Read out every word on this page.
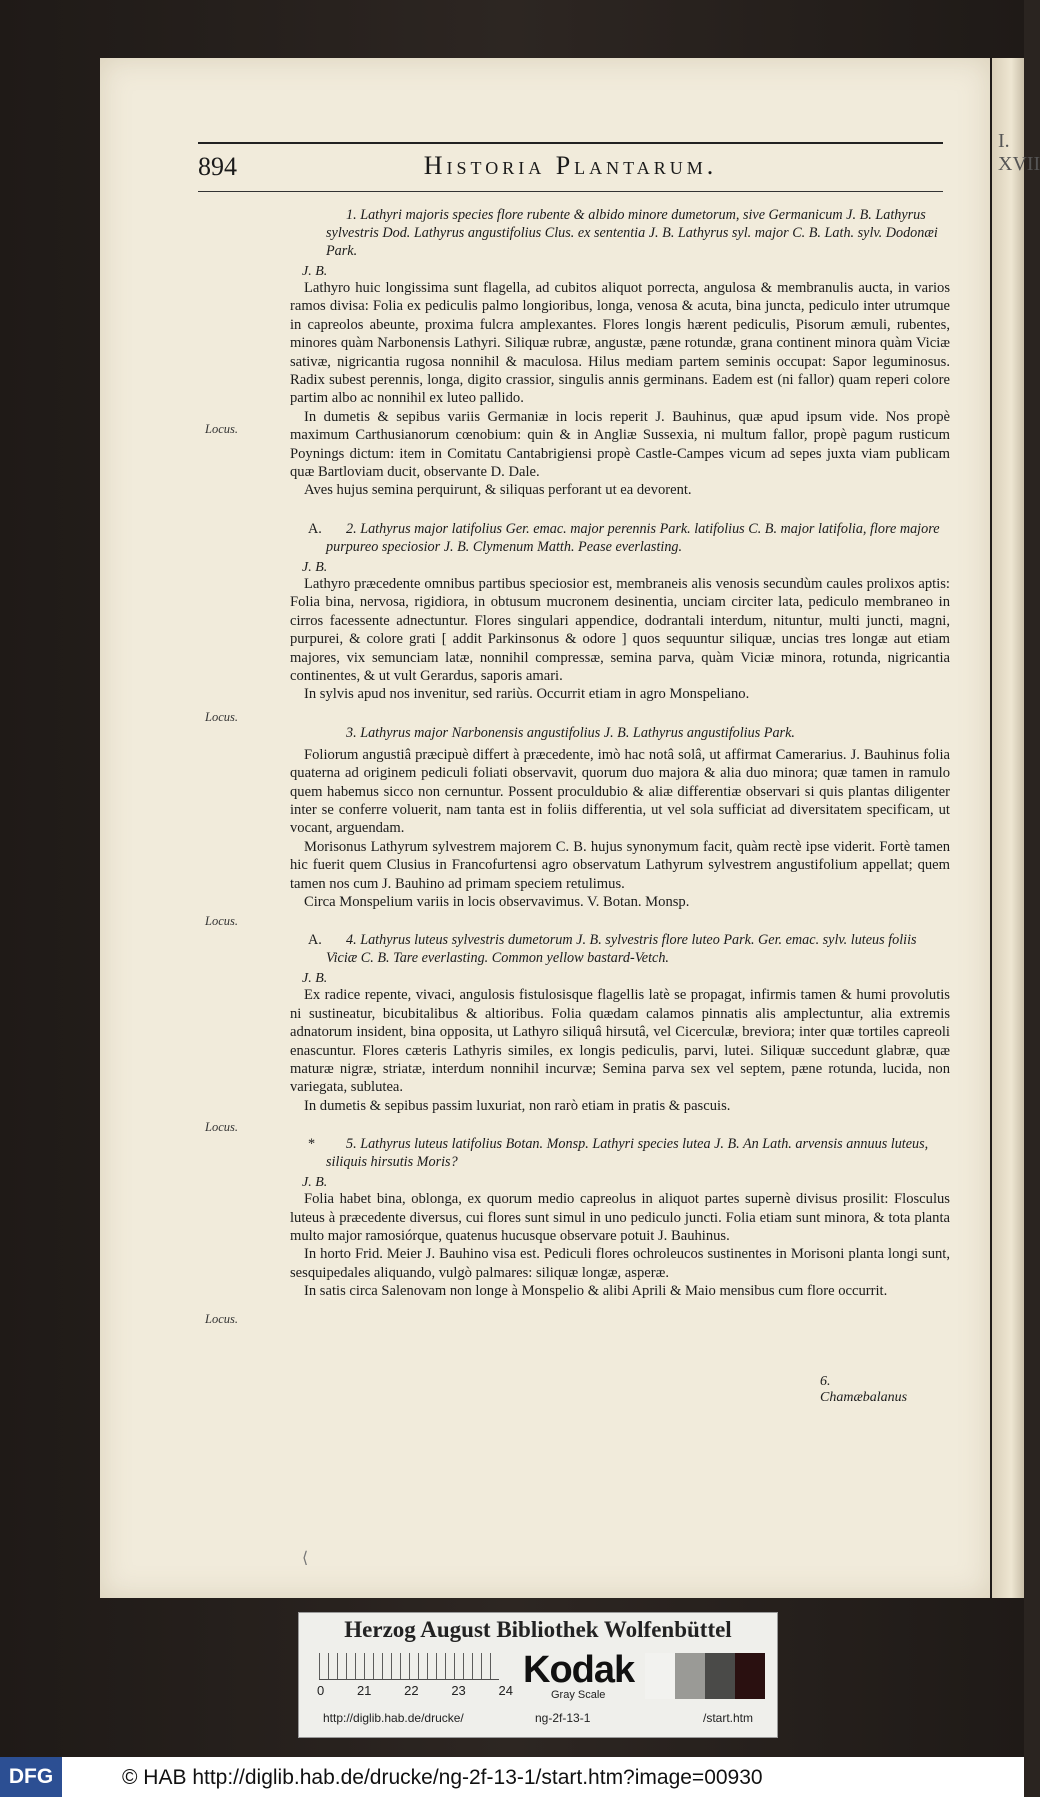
I. XVII
894	Historia Plantarum.
1. Lathyri majoris species flore rubente & albido minore dumetorum, sive Germanicum J. B. Lathyrus sylvestris Dod. Lathyrus angustifolius Clus. ex sententia J. B. Lathyrus syl. major C. B. Lath. sylv. Dodonæi Park.
J. B.
Lathyro huic longissima sunt flagella, ad cubitos aliquot porrecta, angulosa & membranulis aucta, in varios ramos divisa: Folia ex pediculis palmo longioribus, longa, venosa & acuta, bina juncta, pediculo inter utrumque in capreolos abeunte, proxima fulcra amplexantes. Flores longis hærent pediculis, Pisorum æmuli, rubentes, minores quàm Narbonensis Lathyri. Siliquæ rubræ, angustæ, pæne rotundæ, grana continent minora quàm Viciæ sativæ, nigricantia rugosa nonnihil & maculosa. Hilus mediam partem seminis occupat: Sapor leguminosus. Radix subest perennis, longa, digito crassior, singulis annis germinans. Eadem est (ni fallor) quam reperi colore partim albo ac nonnihil ex luteo pallido.
In dumetis & sepibus variis Germaniæ in locis reperit J. Bauhinus, quæ apud ipsum vide. Nos propè maximum Carthusianorum cœnobium: quin & in Angliæ Sussexia, ni multum fallor, propè pagum rusticum Poynings dictum: item in Comitatu Cantabrigiensi propè Castle-Campes vicum ad sepes juxta viam publicam quæ Bartloviam ducit, observante D. Dale.
Aves hujus semina perquirunt, & siliquas perforant ut ea devorent.
A. 2. Lathyrus major latifolius Ger. emac. major perennis Park. latifolius C. B. major latifolia, flore majore purpureo speciosior J. B. Clymenum Matth. Pease everlasting.
J. B.
Lathyro præcedente omnibus partibus speciosior est, membraneis alis venosis secundùm caules prolixos aptis: Folia bina, nervosa, rigidiora, in obtusum mucronem desinentia, unciam circiter lata, pediculo membraneo in cirros facessente adnectuntur. Flores singulari appendice, dodrantali interdum, nituntur, multi juncti, magni, purpurei, & colore grati [ addit Parkinsonus & odore ] quos sequuntur siliquæ, uncias tres longæ aut etiam majores, vix semunciam latæ, nonnihil compressæ, semina parva, quàm Viciæ minora, rotunda, nigricantia continentes, & ut vult Gerardus, saporis amari.
In sylvis apud nos invenitur, sed rariùs. Occurrit etiam in agro Monspeliano.
3. Lathyrus major Narbonensis angustifolius J. B. Lathyrus angustifolius Park.
Foliorum angustiâ præcipuè differt à præcedente, imò hac notâ solâ, ut affirmat Camerarius. J. Bauhinus folia quaterna ad originem pediculi foliati observavit, quorum duo majora & alia duo minora; quæ tamen in ramulo quem habemus sicco non cernuntur. Possent proculdubio & aliæ differentiæ observari si quis plantas diligenter inter se conferre voluerit, nam tanta est in foliis differentia, ut vel sola sufficiat ad diversitatem specificam, ut vocant, arguendam.
Morisonus Lathyrum sylvestrem majorem C. B. hujus synonymum facit, quàm rectè ipse viderit. Fortè tamen hic fuerit quem Clusius in Francofurtensi agro observatum Lathyrum sylvestrem angustifolium appellat; quem tamen nos cum J. Bauhino ad primam speciem retulimus.
Circa Monspelium variis in locis observavimus. V. Botan. Monsp.
A. 4. Lathyrus luteus sylvestris dumetorum J. B. sylvestris flore luteo Park. Ger. emac. sylv. luteus foliis Viciæ C. B. Tare everlasting. Common yellow bastard-Vetch.
J. B.
Ex radice repente, vivaci, angulosis fistulosisque flagellis latè se propagat, infirmis tamen & humi provolutis ni sustineatur, bicubitalibus & altioribus. Folia quædam calamos pinnatis alis amplectuntur, alia extremis adnatorum insident, bina opposita, ut Lathyro siliquâ hirsutâ, vel Cicerculæ, breviora; inter quæ tortiles capreoli enascuntur. Flores cæteris Lathyris similes, ex longis pediculis, parvi, lutei. Siliquæ succedunt glabræ, quæ maturæ nigræ, striatæ, interdum nonnihil incurvæ; Semina parva sex vel septem, pæne rotunda, lucida, non variegata, sublutea.
In dumetis & sepibus passim luxuriat, non rarò etiam in pratis & pascuis.
* 5. Lathyrus luteus latifolius Botan. Monsp. Lathyri species lutea J. B. An Lath. arvensis annuus luteus, siliquis hirsutis Moris?
J. B.
Folia habet bina, oblonga, ex quorum medio capreolus in aliquot partes supernè divisus prosilit: Flosculus luteus à præcedente diversus, cui flores sunt simul in uno pediculo juncti. Folia etiam sunt minora, & tota planta multo major ramosiórque, quatenus hucusque observare potuit J. Bauhinus.
In horto Frid. Meier J. Bauhino visa est. Pediculi flores ochroleucos sustinentes in Morisoni planta longi sunt, sesquipedales aliquando, vulgò palmares: siliquæ longæ, asperæ.
In satis circa Salenovam non longe à Monspelio & alibi Aprili & Maio mensibus cum flore occurrit.
Locus.
Locus.
Locus.
Locus.
Locus.
6. Chamæbalanus
⟨
Herzog August Bibliothek Wolfenbüttel
0	21	22	23	24 Kodak
Gray Scale
http://diglib.hab.de/drucke/	ng-2f-13-1	/start.htm
DFG	© HAB http://diglib.hab.de/drucke/ng-2f-13-1/start.htm?image=00930
